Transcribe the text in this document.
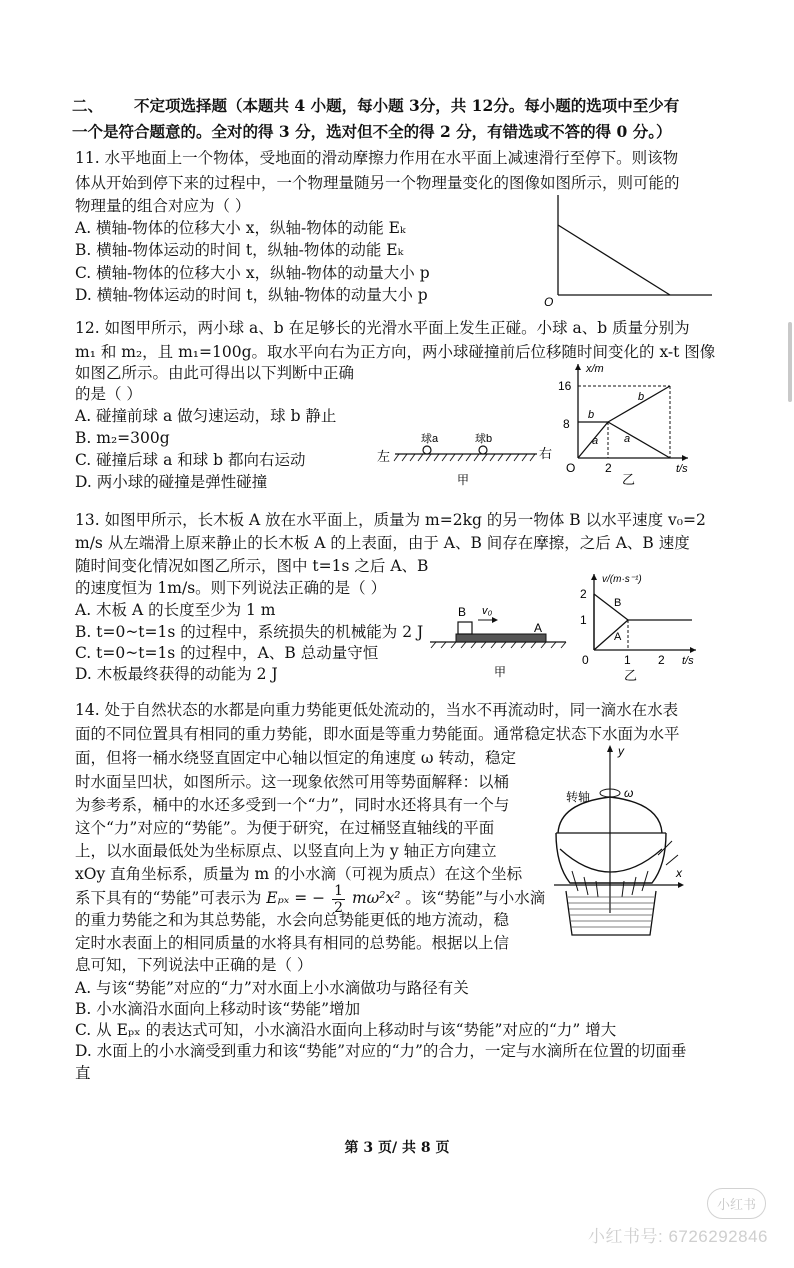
二、 不定项选择题（本题共 4 小题，每小题 3分，共 12分。每小题的选项中至少有
一个是符合题意的。全对的得 3 分，选对但不全的得 2 分，有错选或不答的得 0 分。）
11. 水平地面上一个物体，受地面的滑动摩擦力作用在水平面上减速滑行至停下。则该物
体从开始到停下来的过程中，一个物理量随另一个物理量变化的图像如图所示，则可能的
物理量的组合对应为（ ）
A. 横轴-物体的位移大小 x，纵轴-物体的动能 Eₖ
B. 横轴-物体运动的时间 t，纵轴-物体的动能 Eₖ
C. 横轴-物体的位移大小 x，纵轴-物体的动量大小 p
D. 横轴-物体运动的时间 t，纵轴-物体的动量大小 p	O
12. 如图甲所示，两小球 a、b 在足够长的光滑水平面上发生正碰。小球 a、b 质量分别为
m₁ 和 m₂，且 m₁=100g。取水平向右为正方向，两小球碰撞前后位移随时间变化的 x-t 图像
如图乙所示。由此可得出以下判断中正确
的是（ ）
A. 碰撞前球 a 做匀速运动，球 b 静止
B. m₂=300g
C. 碰撞后球 a 和球 b 都向右运动
D. 两小球的碰撞是弹性碰撞
球a	球b
左	右
甲
x/m
t/s
16
8
O 2
a a
b
b
乙
13. 如图甲所示，长木板 A 放在水平面上，质量为 m=2kg 的另一物体 B 以水平速度 v₀=2
m/s 从左端滑上原来静止的长木板 A 的上表面，由于 A、B 间存在摩擦，之后 A、B 速度
随时间变化情况如图乙所示，图中 t=1s 之后 A、B
的速度恒为 1m/s。则下列说法正确的是（ ）
A. 木板 A 的长度至少为 1 m
B. t=0~t=1s 的过程中，系统损失的机械能为 2 J
C. t=0~t=1s 的过程中，A、B 总动量守恒
D. 木板最终获得的动能为 2 J
B v₀
A
甲
v/(m·s⁻¹)
t/s
2
1
0	1 2
B
A
乙
14. 处于自然状态的水都是向重力势能更低处流动的，当水不再流动时，同一滴水在水表
面的不同位置具有相同的重力势能，即水面是等重力势能面。通常稳定状态下水面为水平
面，但将一桶水绕竖直固定中心轴以恒定的角速度 ω 转动，稳定
时水面呈凹状，如图所示。这一现象依然可用等势面解释：以桶
为参考系，桶中的水还多受到一个“力”，同时水还将具有一个与
这个“力”对应的“势能”。为便于研究，在过桶竖直轴线的平面
上，以水面最低处为坐标原点、以竖直向上为 y 轴正方向建立
xOy 直角坐标系，质量为 m 的小水滴（可视为质点）在这个坐标
系下具有的“势能”可表示为 Eₚₓ = − $\frac{1}{2} m\omega^2x^2$ 。该“势能”与小水滴
的重力势能之和为其总势能，水会向总势能更低的地方流动，稳
定时水表面上的相同质量的水将具有相同的总势能。根据以上信
息可知，下列说法中正确的是（ ）
A. 与该“势能”对应的“力”对水面上小水滴做功与路径有关
B. 小水滴沿水面向上移动时该“势能”增加
C. 从 Eₚₓ 的表达式可知，小水滴沿水面向上移动时与该“势能”对应的“力” 增大
D. 水面上的小水滴受到重力和该“势能”对应的“力”的合力，一定与水滴所在位置的切面垂
直
转轴
y
ω
x
第 3 页/ 共 8 页
小红书
小红书号: 6726292846
